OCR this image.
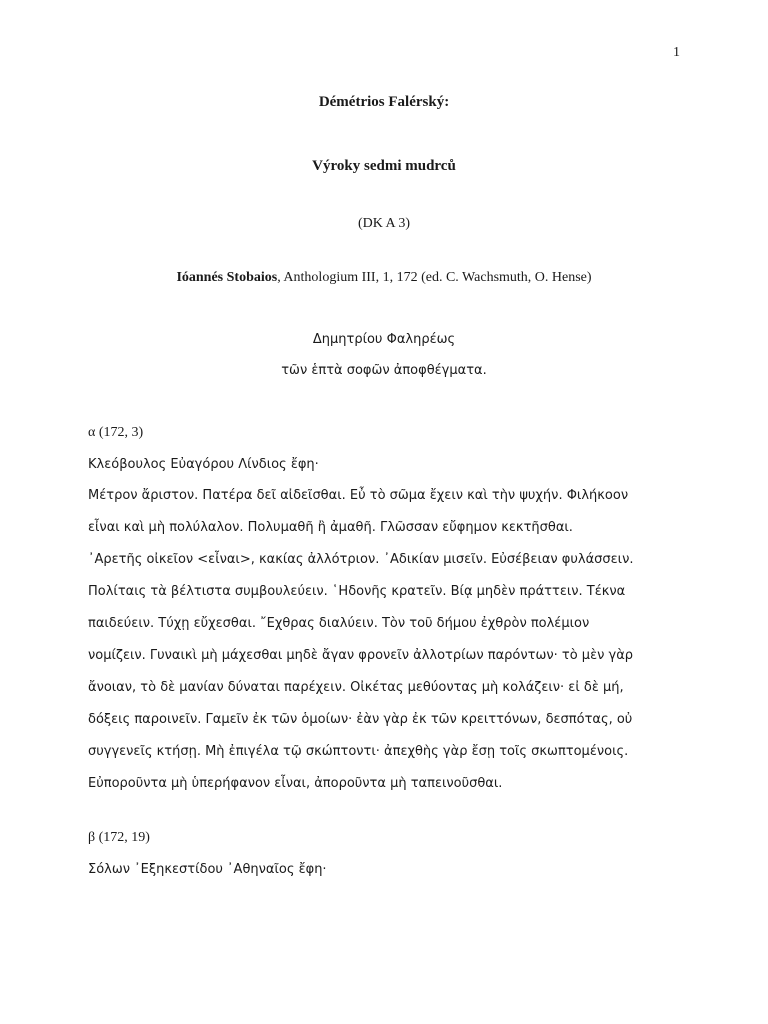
1
Démétrios Falérský:
Výroky sedmi mudrců
(DK A 3)
Ióannés Stobaios, Anthologium III, 1, 172 (ed. C. Wachsmuth, O. Hense)
Δημητρίου Φαληρέως
τῶν ἑπτὰ σοφῶν ἀποφθέγματα.
α (172, 3)
Κλεόβουλος Εὐαγόρου Λίνδιος ἔφη·
Μέτρον ἄριστον. Πατέρα δεῖ αἰδεῖσθαι. Εὖ τὸ σῶμα ἔχειν καὶ τὴν ψυχήν. Φιλήκοον
εἶναι καὶ μὴ πολύλαλον. Πολυμαθῆ ἢ ἀμαθῆ. Γλῶσσαν εὔφημον κεκτῆσθαι.
᾿Αρετῆς οἰκεῖον <εἶναι>, κακίας ἀλλότριον. ᾿Αδικίαν μισεῖν. Εὐσέβειαν φυλάσσειν.
Πολίταις τὰ βέλτιστα συμβουλεύειν. ῾Ηδονῆς κρατεῖν. Βίᾳ μηδὲν πράττειν. Τέκνα
παιδεύειν. Τύχῃ εὔχεσθαι. ῎Εχθρας διαλύειν. Τὸν τοῦ δήμου ἐχθρὸν πολέμιον
νομίζειν. Γυναικὶ μὴ μάχεσθαι μηδὲ ἄγαν φρονεῖν ἀλλοτρίων παρόντων· τὸ μὲν γὰρ
ἄνοιαν, τὸ δὲ μανίαν δύναται παρέχειν. Οἰκέτας μεθύοντας μὴ κολάζειν· εἰ δὲ μή,
δόξεις παροινεῖν. Γαμεῖν ἐκ τῶν ὁμοίων· ἐὰν γὰρ ἐκ τῶν κρειττόνων, δεσπότας, οὐ
συγγενεῖς κτήσῃ. Μὴ ἐπιγέλα τῷ σκώπτοντι· ἀπεχθὴς γὰρ ἔσῃ τοῖς σκωπτομένοις.
Εὐποροῦντα μὴ ὑπερήφανον εἶναι, ἀποροῦντα μὴ ταπεινοῦσθαι.
β (172, 19)
Σόλων ᾿Εξηκεστίδου ᾿Αθηναῖος ἔφη·
